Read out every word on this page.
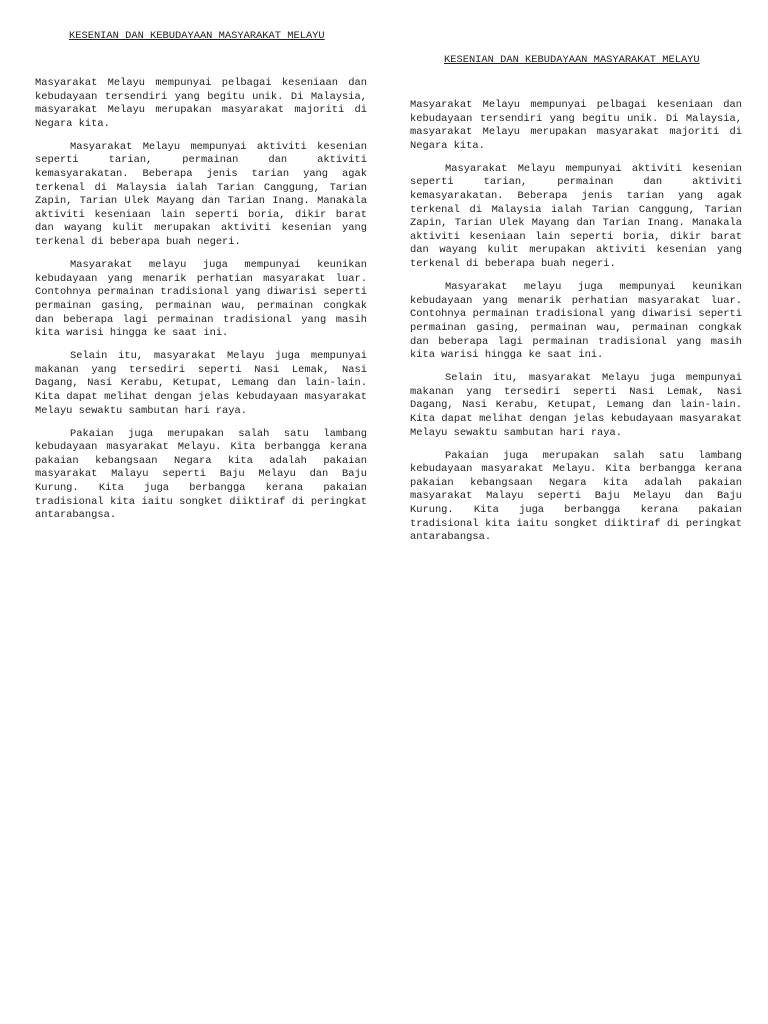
KESENIAN DAN KEBUDAYAAN MASYARAKAT MELAYU

Masyarakat Melayu mempunyai pelbagai keseniaan dan kebudayaan tersendiri yang begitu unik. Di Malaysia, masyarakat Melayu merupakan masyarakat majoriti di Negara kita.

Masyarakat Melayu mempunyai aktiviti kesenian seperti tarian, permainan dan aktiviti kemasyarakatan. Beberapa jenis tarian yang agak terkenal di Malaysia ialah Tarian Canggung, Tarian Zapin, Tarian Ulek Mayang dan Tarian Inang. Manakala aktiviti keseniaan lain seperti boria, dikir barat dan wayang kulit merupakan aktiviti kesenian yang terkenal di beberapa buah negeri.

Masyarakat melayu juga mempunyai keunikan kebudayaan yang menarik perhatian masyarakat luar. Contohnya permainan tradisional yang diwarisi seperti permainan gasing, permainan wau, permainan congkak dan beberapa lagi permainan tradisional yang masih kita warisi hingga ke saat ini.

Selain itu, masyarakat Melayu juga mempunyai makanan yang tersediri seperti Nasi Lemak, Nasi Dagang, Nasi Kerabu, Ketupat, Lemang dan lain-lain. Kita dapat melihat dengan jelas kebudayaan masyarakat Melayu sewaktu sambutan hari raya.

Pakaian juga merupakan salah satu lambang kebudayaan masyarakat Melayu. Kita berbangga kerana pakaian kebangsaan Negara kita adalah pakaian masyarakat Malayu seperti Baju Melayu dan Baju Kurung. Kita juga berbangga kerana pakaian tradisional kita iaitu songket diiktiraf di peringkat antarabangsa.

KESENIAN DAN KEBUDAYAAN MASYARAKAT MELAYU

Masyarakat Melayu mempunyai pelbagai keseniaan dan kebudayaan tersendiri yang begitu unik. Di Malaysia, masyarakat Melayu merupakan masyarakat majoriti di Negara kita.

Masyarakat Melayu mempunyai aktiviti kesenian seperti tarian, permainan dan aktiviti kemasyarakatan. Beberapa jenis tarian yang agak terkenal di Malaysia ialah Tarian Canggung, Tarian Zapin, Tarian Ulek Mayang dan Tarian Inang. Manakala aktiviti keseniaan lain seperti boria, dikir barat dan wayang kulit merupakan aktiviti kesenian yang terkenal di beberapa buah negeri.

Masyarakat melayu juga mempunyai keunikan kebudayaan yang menarik perhatian masyarakat luar. Contohnya permainan tradisional yang diwarisi seperti permainan gasing, permainan wau, permainan congkak dan beberapa lagi permainan tradisional yang masih kita warisi hingga ke saat ini.

Selain itu, masyarakat Melayu juga mempunyai makanan yang tersediri seperti Nasi Lemak, Nasi Dagang, Nasi Kerabu, Ketupat, Lemang dan lain-lain. Kita dapat melihat dengan jelas kebudayaan masyarakat Melayu sewaktu sambutan hari raya.

Pakaian juga merupakan salah satu lambang kebudayaan masyarakat Melayu. Kita berbangga kerana pakaian kebangsaan Negara kita adalah pakaian masyarakat Malayu seperti Baju Melayu dan Baju Kurung. Kita juga berbangga kerana pakaian tradisional kita iaitu songket diiktiraf di peringkat antarabangsa.
